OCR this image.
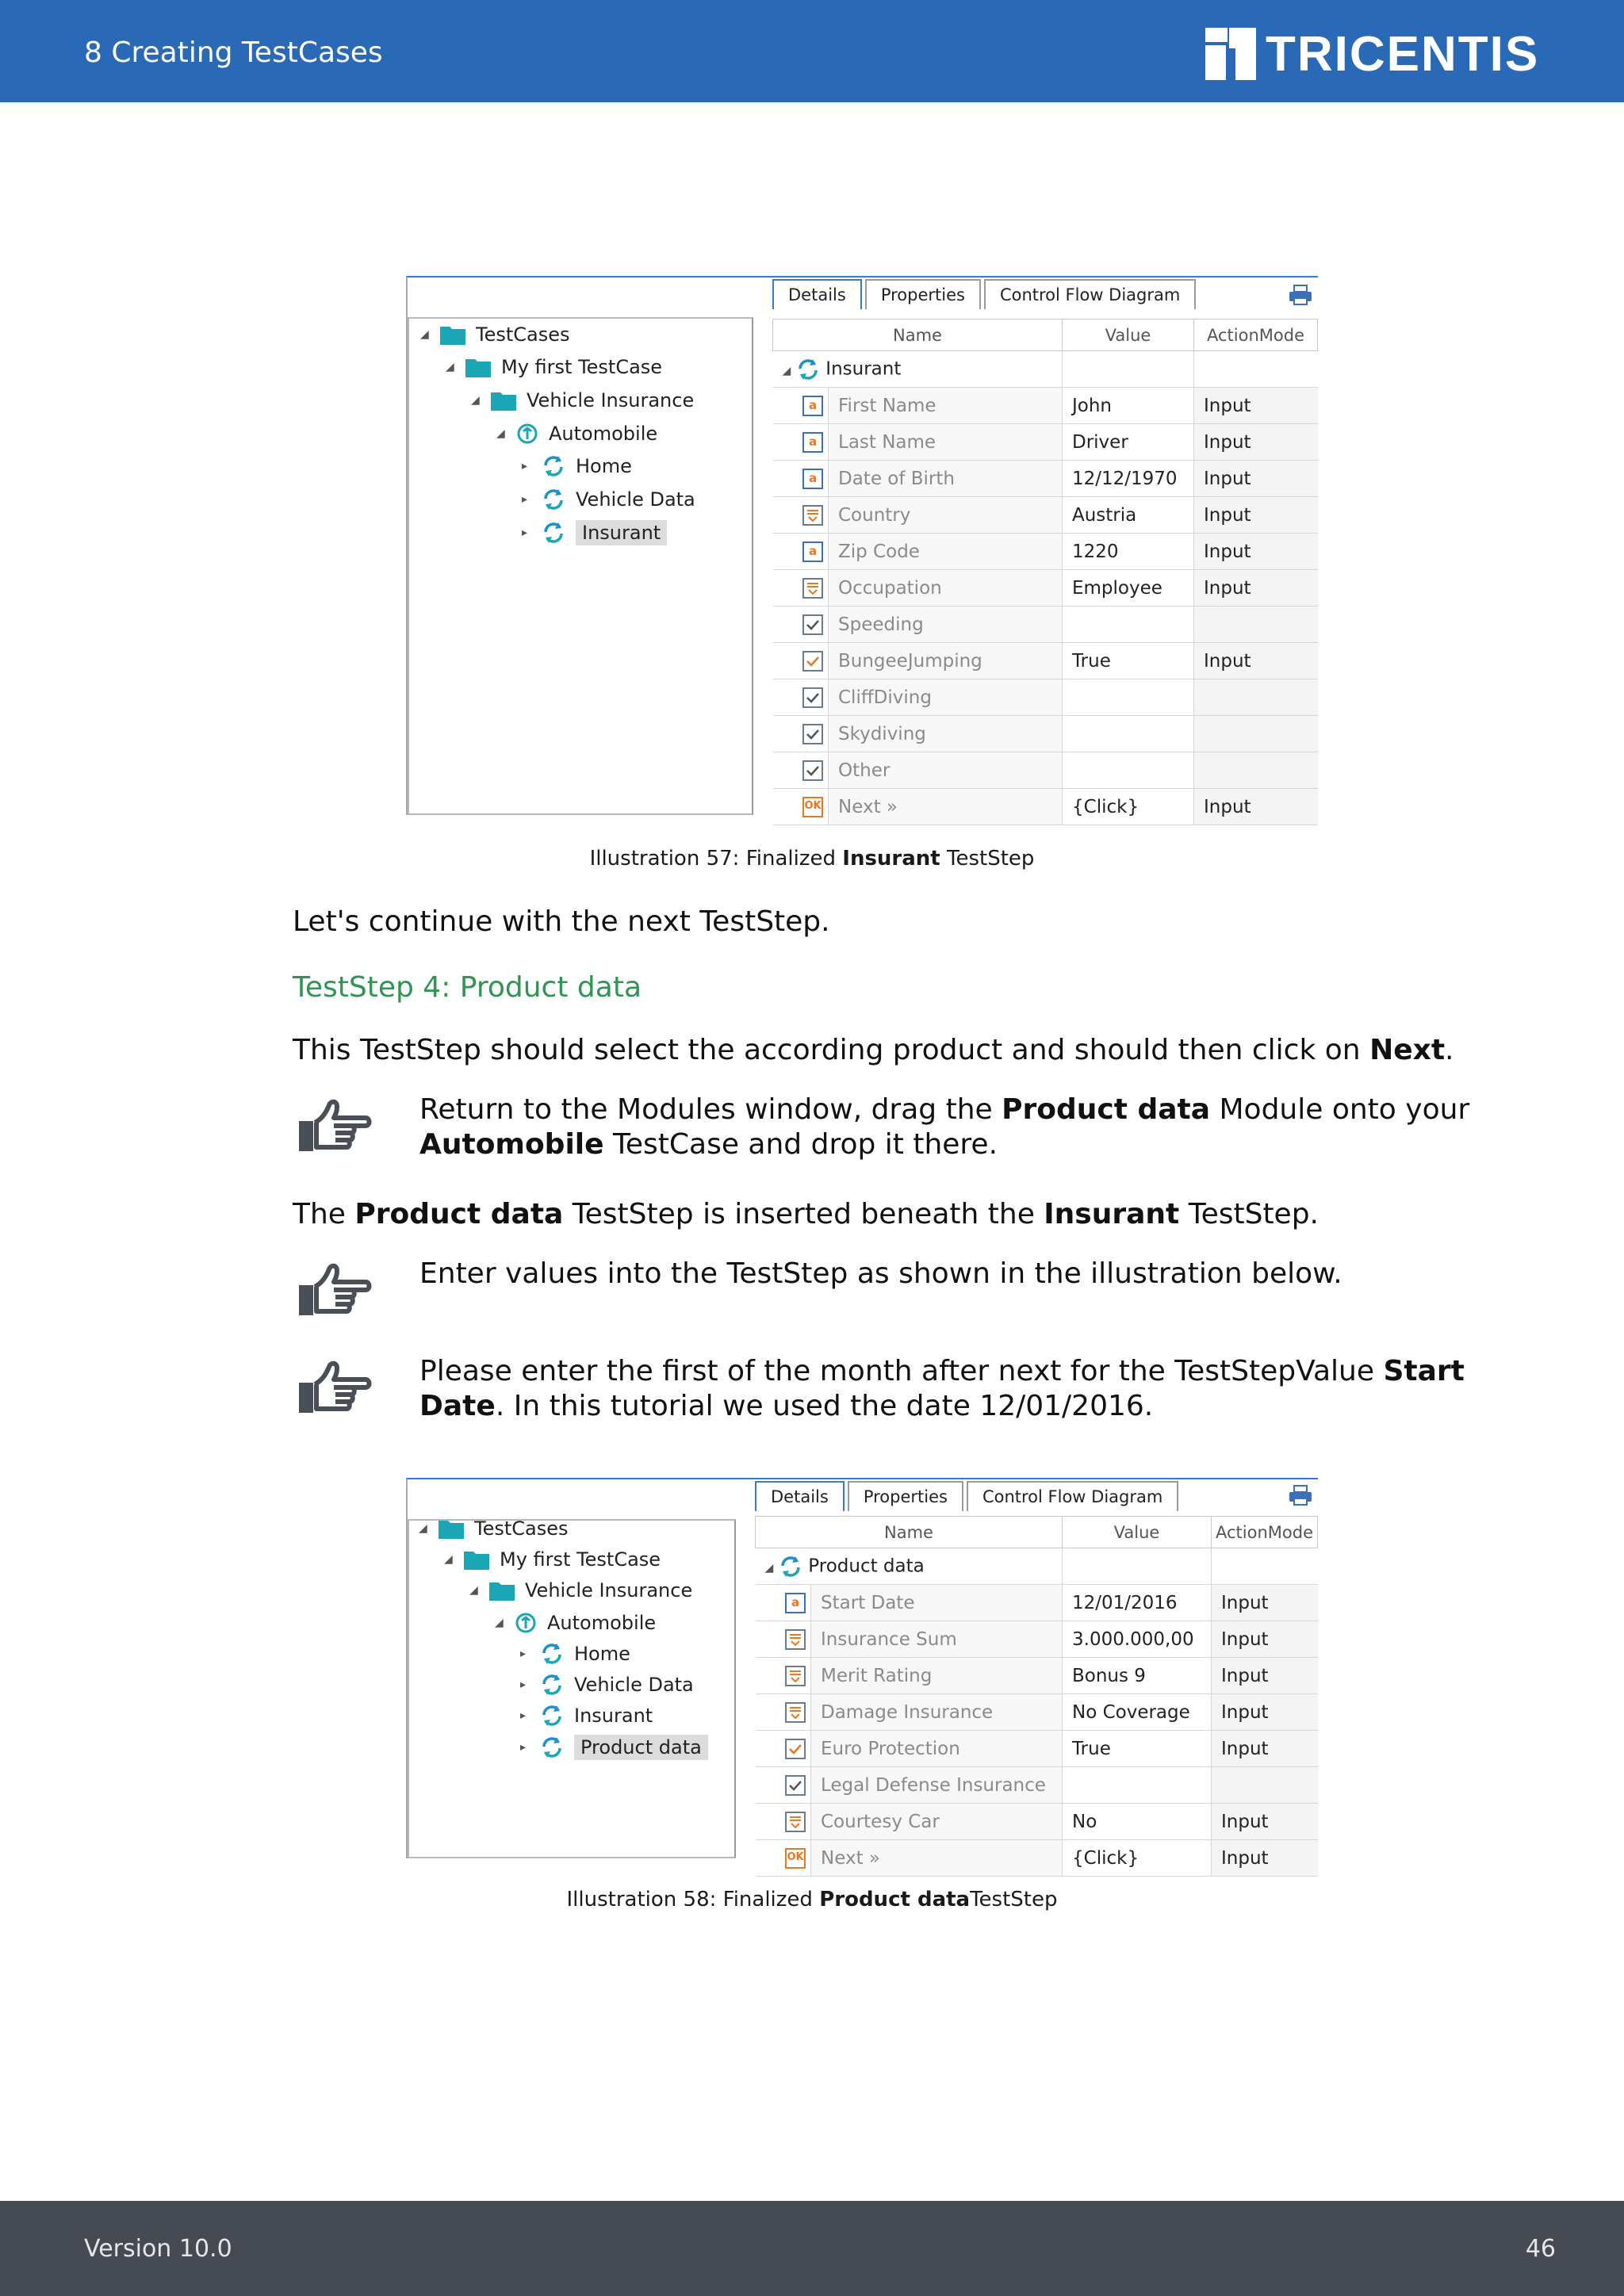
8 Creating TestCases	TRICENTIS
◢ TestCases
◢ My first TestCase
◢ Vehicle Insurance
◢ Automobile
▸	Home
▸	Vehicle Data
▸	Insurant
Details	Properties	Control Flow Diagram
Name		Value	ActionMode
◢ Insurant			
a	First Name	John	Input
a	Last Name	Driver	Input
a	Date of Birth	12/12/1970	Input
	Country	Austria	Input
a	Zip Code	1220	Input
	Occupation	Employee	Input
	Speeding		
	BungeeJumping	True	Input
	CliffDiving		
	Skydiving		
	Other		
OK	Next »	{Click}	Input
Illustration 57: Finalized Insurant TestStep
Let's continue with the next TestStep.
TestStep 4: Product data
This TestStep should select the according product and should then click on Next.
Return to the Modules window, drag the Product data Module onto your Automobile TestCase and drop it there.
The Product data TestStep is inserted beneath the Insurant TestStep.
Enter values into the TestStep as shown in the illustration below.
Please enter the first of the month after next for the TestStepValue Start Date. In this tutorial we used the date 12/01/2016.
◢ TestCases
◢ My first TestCase
◢ Vehicle Insurance
◢ Automobile
▸	Home
▸	Vehicle Data
▸	Insurant
▸	Product data
Details	Properties	Control Flow Diagram
Name		Value	ActionMode
◢ Product data			
a	Start Date	12/01/2016	Input
	Insurance Sum	3.000.000,00	Input
	Merit Rating	Bonus 9	Input
	Damage Insurance	No Coverage	Input
	Euro Protection	True	Input
	Legal Defense Insurance		
	Courtesy Car	No	Input
OK	Next »	{Click}	Input
Illustration 58: Finalized Product dataTestStep
Version 10.0	46
